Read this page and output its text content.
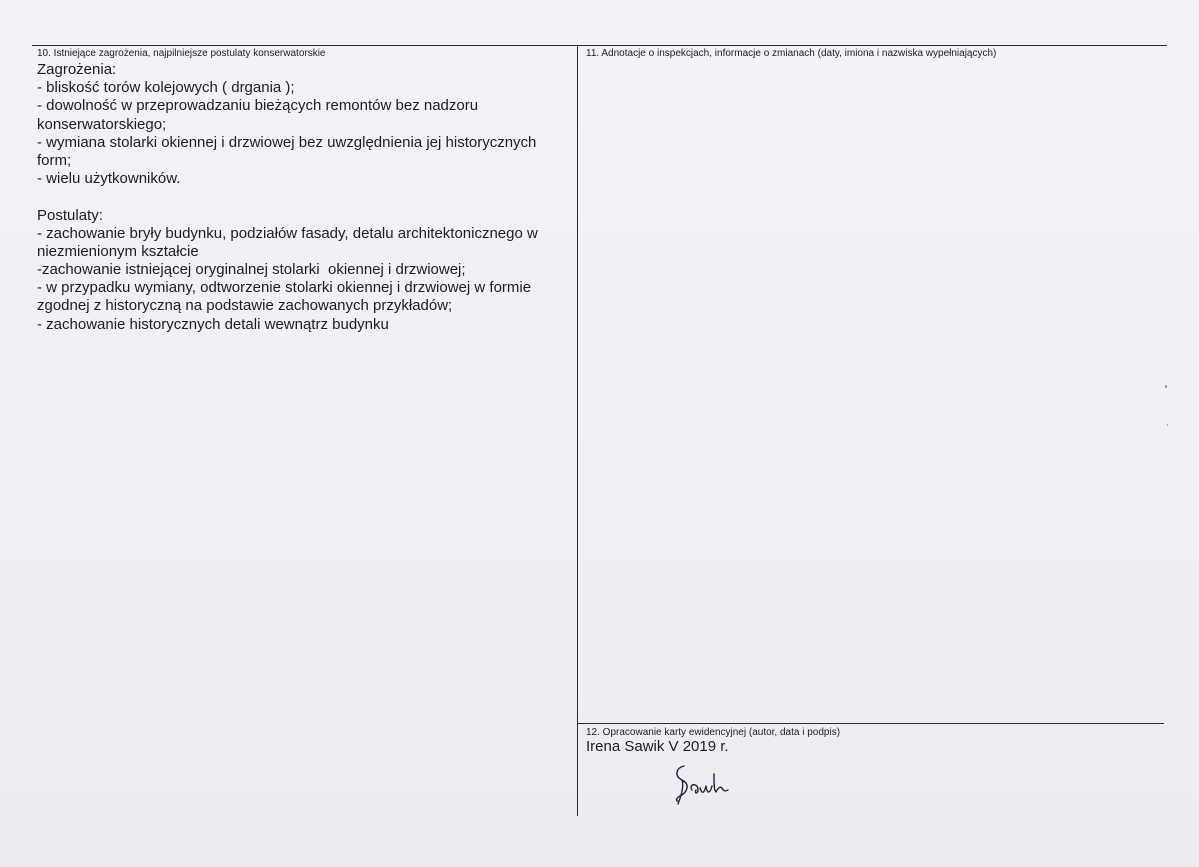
10. Istniejące zagrożenia, najpilniejsze postulaty konserwatorskie
Zagrożenia:
- bliskość torów kolejowych ( drgania );
- dowolność w przeprowadzaniu bieżących remontów bez nadzoru
konserwatorskiego;
- wymiana stolarki okiennej i drzwiowej bez uwzględnienia jej historycznych
form;
- wielu użytkowników.
Postulaty:
- zachowanie bryły budynku, podziałów fasady, detalu architektonicznego w
niezmienionym kształcie
-zachowanie istniejącej oryginalnej stolarki  okiennej i drzwiowej;
- w przypadku wymiany, odtworzenie stolarki okiennej i drzwiowej w formie
zgodnej z historyczną na podstawie zachowanych przykładów;
- zachowanie historycznych detali wewnątrz budynku
11. Adnotacje o inspekcjach, informacje o zmianach (daty, imiona i nazwiska wypełniających)
12. Opracowanie karty ewidencyjnej (autor, data i podpis)
Irena Sawik V 2019 r.
